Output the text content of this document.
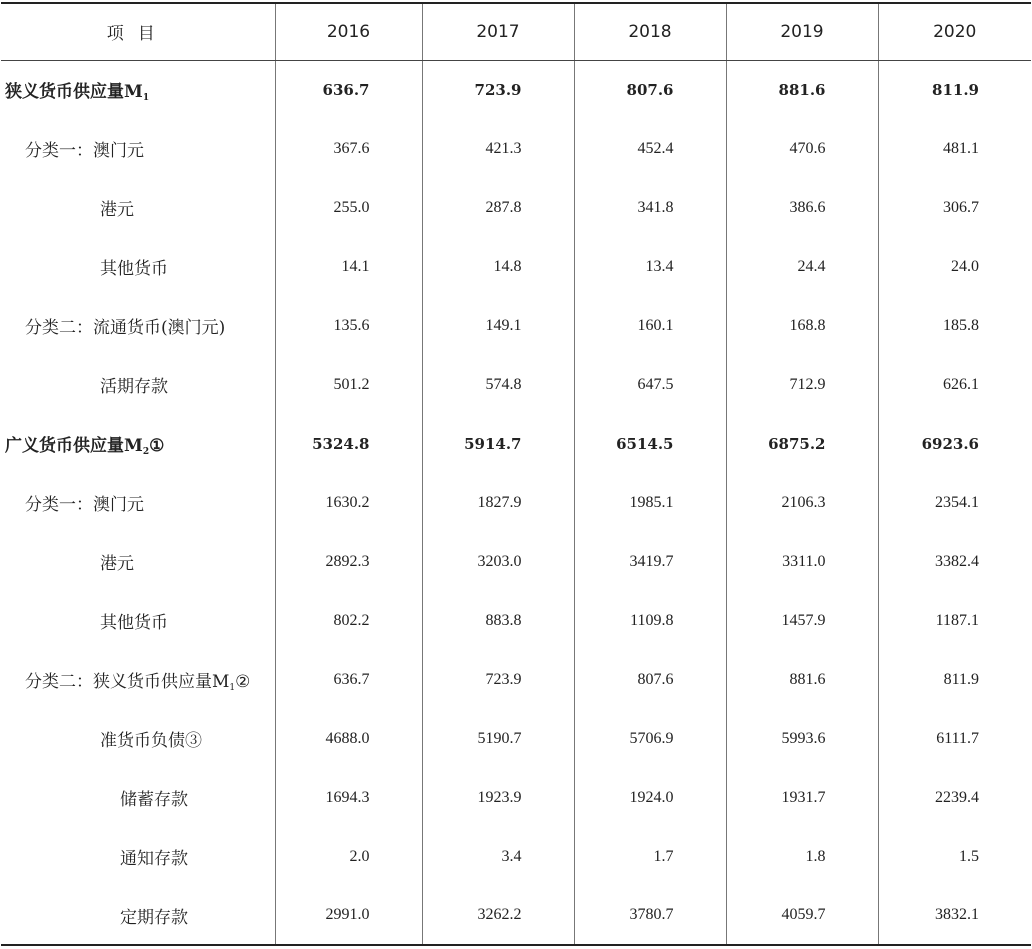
项目	2016	2017	2018	2019	2020
狭义货币供应量$M_1$	636.7	723.9	807.6	881.6	811.9
分类一：澳门元	367.6	421.3	452.4	470.6	481.1
港元	255.0	287.8	341.8	386.6	306.7
其他货币	14.1	14.8	13.4	24.4	24.0
分类二：流通货币(澳门元)	135.6	149.1	160.1	168.8	185.8
活期存款	501.2	574.8	647.5	712.9	626.1
广义货币供应量$M_2①$	5324.8	5914.7	6514.5	6875.2	6923.6
分类一：澳门元	1630.2	1827.9	1985.1	2106.3	2354.1
港元	2892.3	3203.0	3419.7	3311.0	3382.4
其他货币	802.2	883.8	1109.8	1457.9	1187.1
分类二：狭义货币供应量$M_1②$	636.7	723.9	807.6	881.6	811.9
准货币负债③	4688.0	5190.7	5706.9	5993.6	6111.7
储蓄存款	1694.3	1923.9	1924.0	1931.7	2239.4
通知存款	2.0	3.4	1.7	1.8	1.5
定期存款	2991.0	3262.2	3780.7	4059.7	3832.1
